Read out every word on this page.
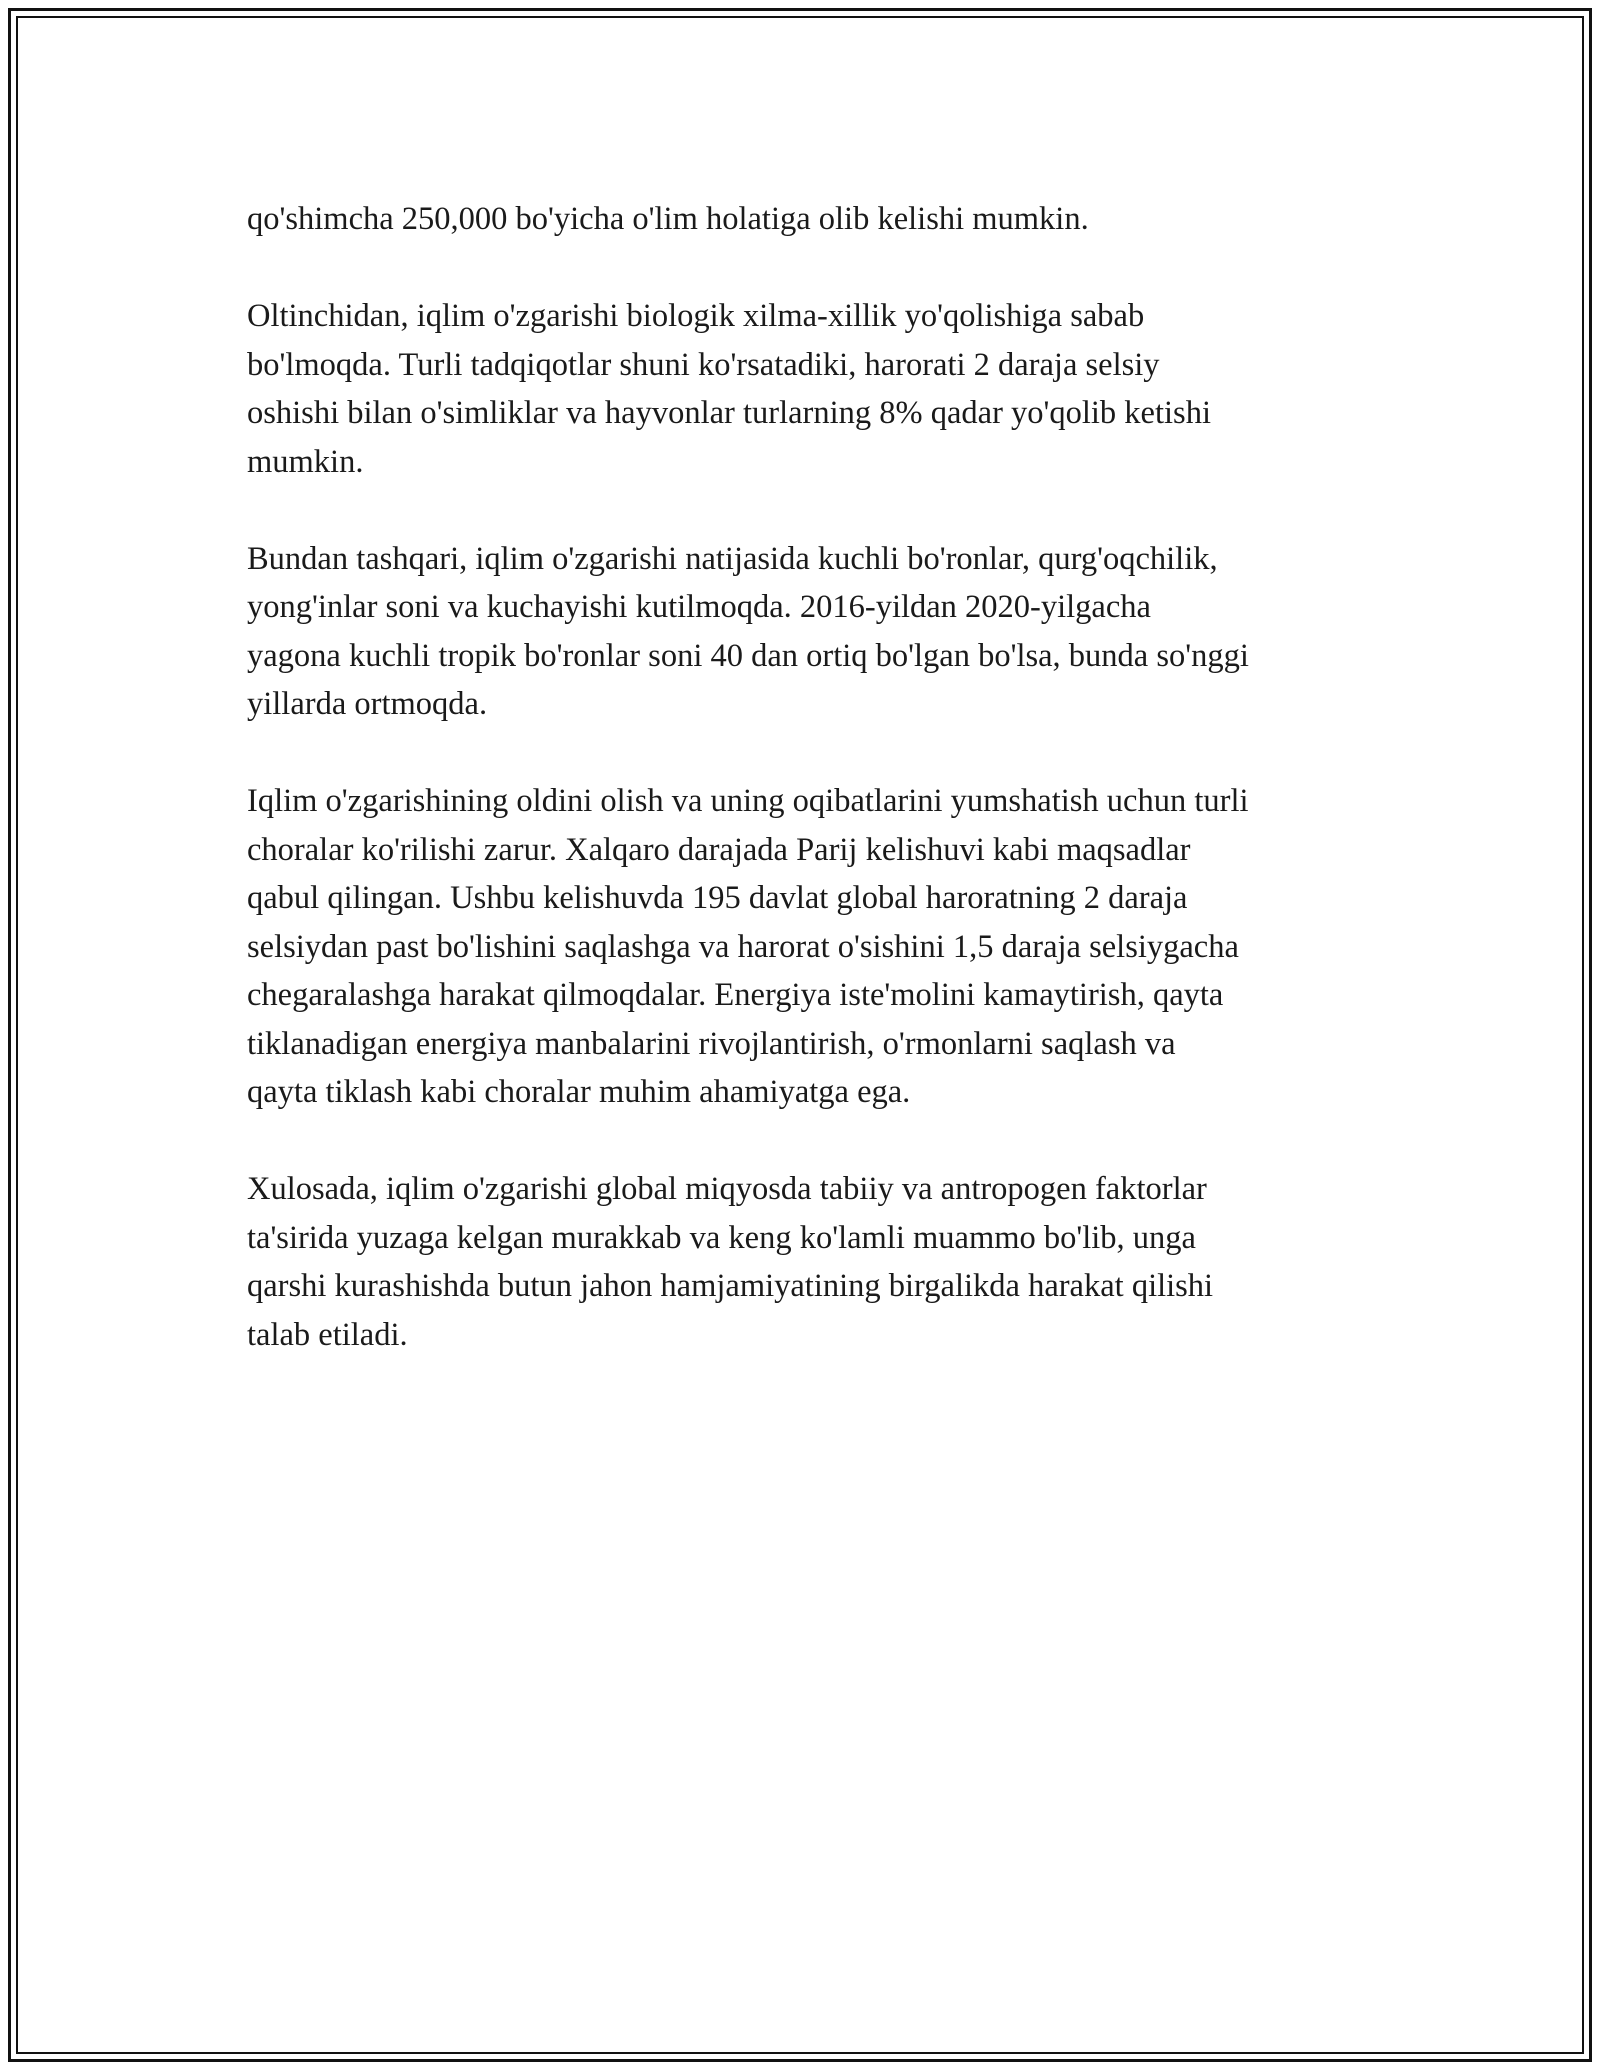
qo'shimcha 250,000 bo'yicha o'lim holatiga olib kelishi mumkin.

Oltinchidan, iqlim o'zgarishi biologik xilma-xillik yo'qolishiga sabab
bo'lmoqda. Turli tadqiqotlar shuni ko'rsatadiki, harorati 2 daraja selsiy
oshishi bilan o'simliklar va hayvonlar turlarning 8% qadar yo'qolib ketishi
mumkin.

Bundan tashqari, iqlim o'zgarishi natijasida kuchli bo'ronlar, qurg'oqchilik,
yong'inlar soni va kuchayishi kutilmoqda. 2016-yildan 2020-yilgacha
yagona kuchli tropik bo'ronlar soni 40 dan ortiq bo'lgan bo'lsa, bunda so'nggi
yillarda ortmoqda.

Iqlim o'zgarishining oldini olish va uning oqibatlarini yumshatish uchun turli
choralar ko'rilishi zarur. Xalqaro darajada Parij kelishuvi kabi maqsadlar
qabul qilingan. Ushbu kelishuvda 195 davlat global haroratning 2 daraja
selsiydan past bo'lishini saqlashga va harorat o'sishini 1,5 daraja selsiygacha
chegaralashga harakat qilmoqdalar. Energiya iste'molini kamaytirish, qayta
tiklanadigan energiya manbalarini rivojlantirish, o'rmonlarni saqlash va
qayta tiklash kabi choralar muhim ahamiyatga ega.

Xulosada, iqlim o'zgarishi global miqyosda tabiiy va antropogen faktorlar
ta'sirida yuzaga kelgan murakkab va keng ko'lamli muammo bo'lib, unga
qarshi kurashishda butun jahon hamjamiyatining birgalikda harakat qilishi
talab etiladi.
